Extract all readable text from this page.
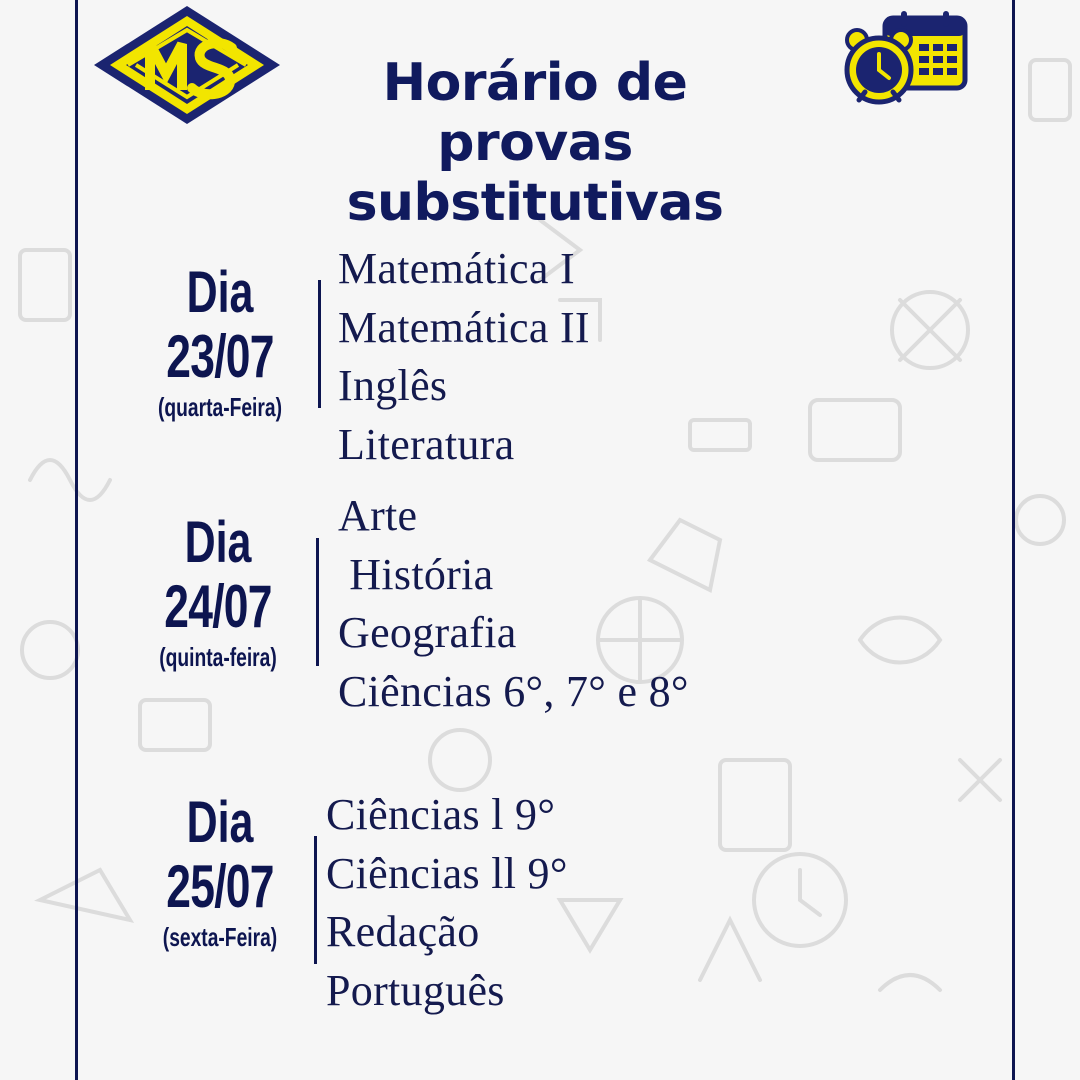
Horário de
provas
substitutivas
Dia
23/07
(quarta-Feira)
Matemática I
Matemática II
Inglês
Literatura
Dia
24/07
(quinta-feira)
Arte
História
Geografia
Ciências 6°, 7° e 8°
Dia
25/07
(sexta-Feira)
Ciências l 9°
Ciências ll 9°
Redação
Português
